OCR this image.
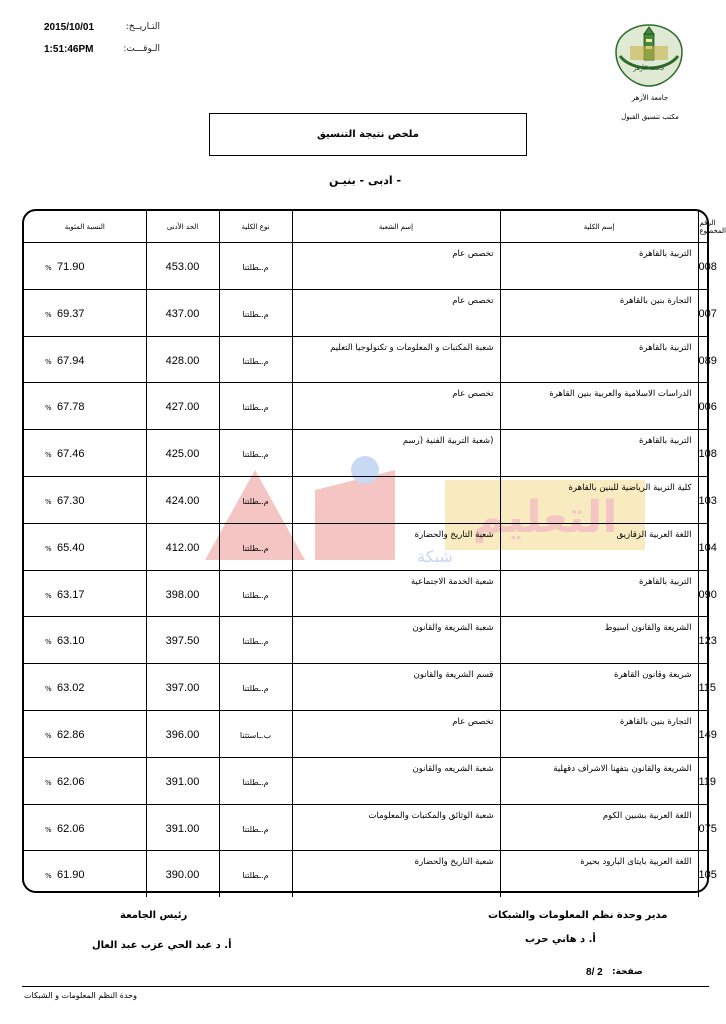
2015/10/01	التـاريــخ:
1:51:46PM	الـوقـــت:
جامعة الأزهر
جامعة الأزهر
مكتب تنسيق القبول
ملخص نتيجة التنسيق
- ادبى - بنيـن
التعليم
شبكة
النسبة المئوية	الحد الأدنى	نوع الكلية	إسم الشعبة	إسم الكلية	الرقم المخصوع

% 71.90	453.00	م.ـطلتنا	تخصص عام	التربية بالقاهرة	008

% 69.37	437.00	م.ـطلتنا	تخصص عام	التجارة بنين بالقاهرة	007

% 67.94	428.00	م.ـطلتنا	شعبة المكتبات و المعلومات و تكنولوجيا التعليم	التربية بالقاهرة	089

% 67.78	427.00	م.ـطلتنا	تخصص عام	الدراسات الاسلامية والعربية بنين القاهرة	006

% 67.46	425.00	م.ـطلتنا	(شعبة التربية الفنية (رسم	التربية بالقاهرة	108

% 67.30	424.00	م.ـطلتنا		كلية التربية الرياضية للبنين بالقاهرة	103

% 65.40	412.00	م.ـطلتنا	شعبة التاريخ والحضارة	اللغة العربية الزقازيق	104

% 63.17	398.00	م.ـطلتنا	شعبة الخدمة الاجتماعية	التربية بالقاهرة	090

% 63.10	397.50	م.ـطلتنا	شعبة الشريعة والقانون	الشريعة والقانون اسيوط	123

% 63.02	397.00	م.ـطلتنا	قسم الشريعة والقانون	شريعة وقانون القاهرة	115

% 62.86	396.00	ب.ـاستثنا	تخصص عام	التجارة بنين بالقاهرة	149

% 62.06	391.00	م.ـطلتنا	شعبة الشريعه والقانون	الشريعة والقانون بتفهنا الاشراف دقهلية	119

% 62.06	391.00	م.ـطلتنا	شعبة الوثائق والمكتبات والمعلومات	اللغة العربية بشبين الكوم	075

% 61.90	390.00	م.ـطلتنا	شعبة التاريخ والحضارة	اللغة العربية بايتاى البارود بحيرة	105
رئيس الجامعة
أ. د عبد الحي عزب عبد العال
مدير وحدة نظم المعلومات والشبكات
أ. د هاني حرب
صفحة:
2 /8
وحدة النظم المعلومات و الشبكات
